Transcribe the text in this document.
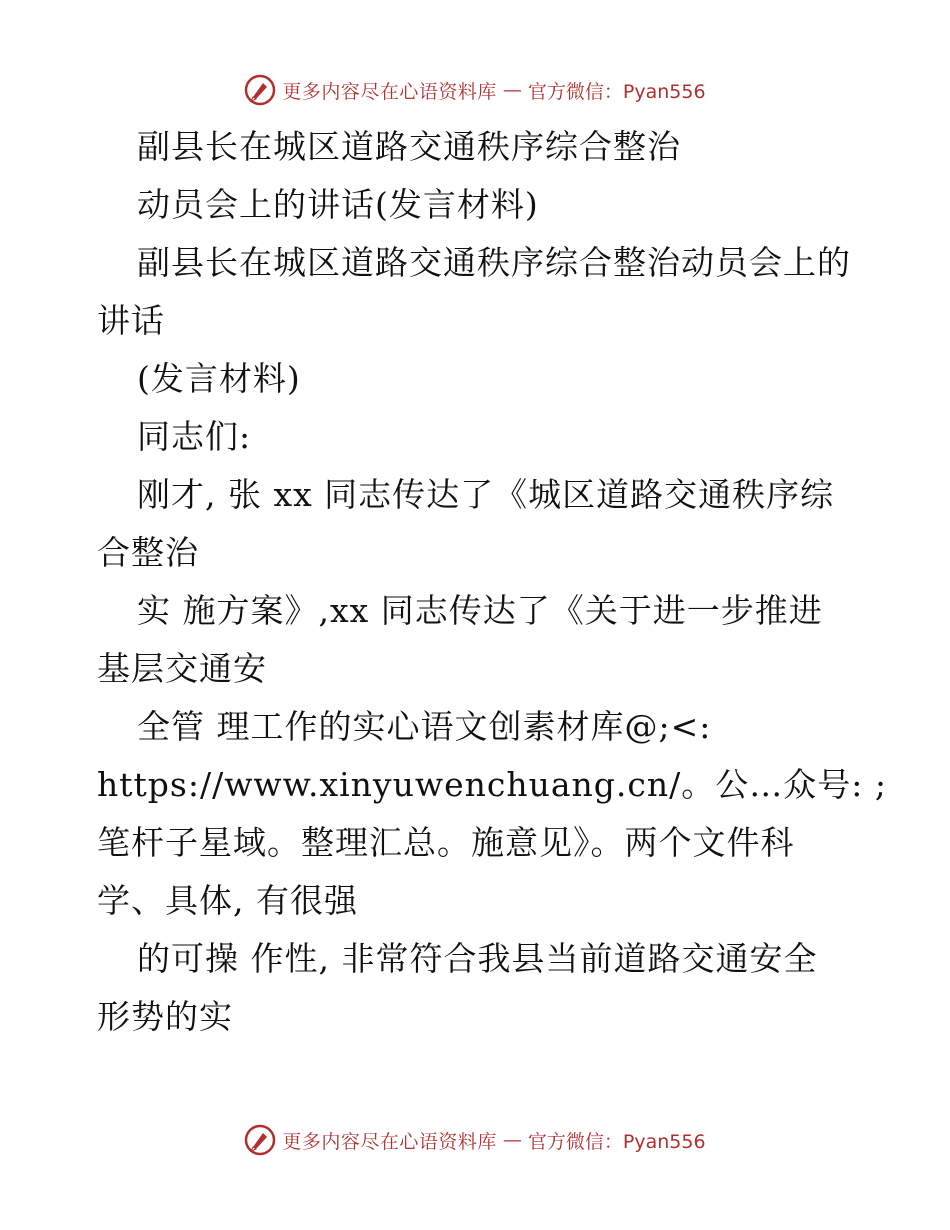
更多内容尽在心语资料库 — 官方微信：Pyan556
副县长在城区道路交通秩序综合整治
动员会上的讲话(发言材料)
副县长在城区道路交通秩序综合整治动员会上的
讲话
(发言材料)
同志们:
刚才, 张 xx 同志传达了《城区道路交通秩序综
合整治
实 施方案》,xx 同志传达了《关于进一步推进
基层交通安
全管 理工作的实心语文创素材库@;<:
https://www.xinyuwenchuang.cn/。公…众号: ;
笔杆子星域。整理汇总。施意见》。两个文件科
学、具体, 有很强
的可操 作性, 非常符合我县当前道路交通安全
形势的实
更多内容尽在心语资料库 — 官方微信：Pyan556
